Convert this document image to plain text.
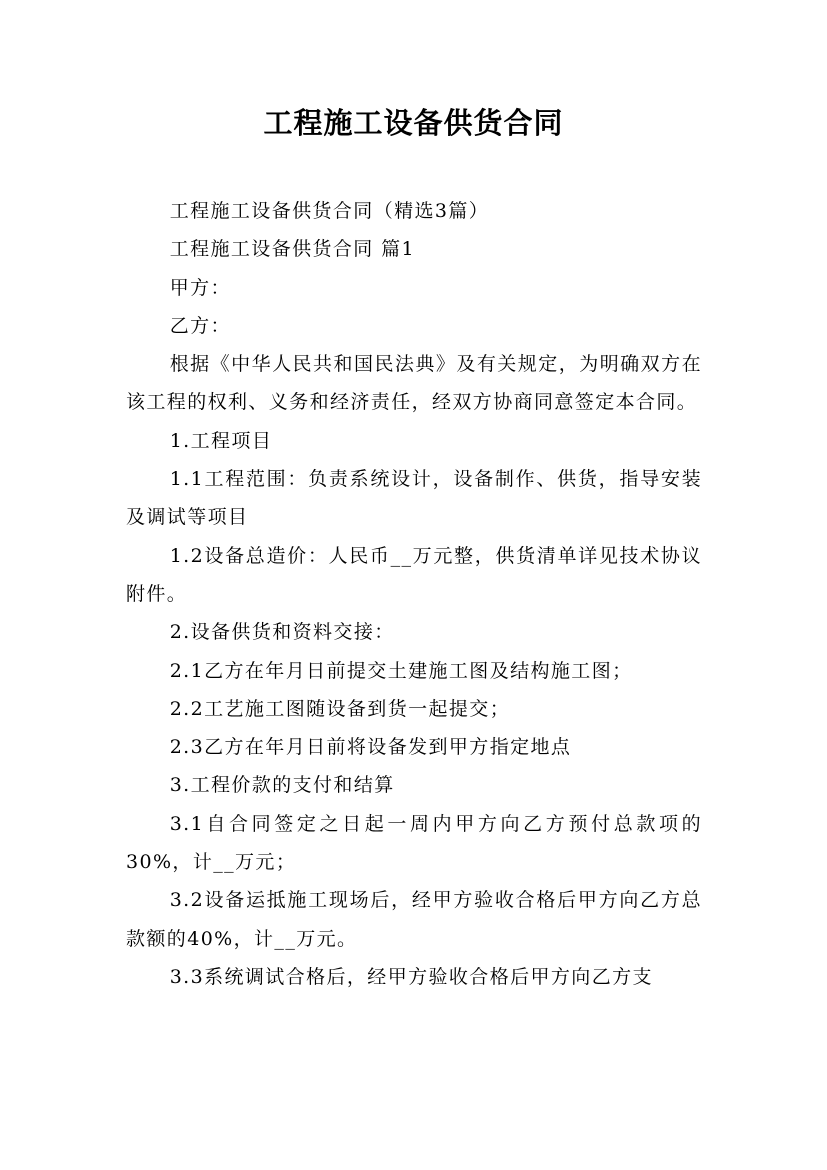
工程施工设备供货合同

工程施工设备供货合同（精选3篇）

工程施工设备供货合同 篇1

甲方：

乙方：

根据《中华人民共和国民法典》及有关规定，为明确双方在该工程的权利、义务和经济责任，经双方协商同意签定本合同。

1.工程项目

1.1工程范围：负责系统设计，设备制作、供货，指导安装及调试等项目

1.2设备总造价：人民币__万元整，供货清单详见技术协议附件。

2.设备供货和资料交接：

2.1乙方在年月日前提交土建施工图及结构施工图；

2.2工艺施工图随设备到货一起提交；

2.3乙方在年月日前将设备发到甲方指定地点

3.工程价款的支付和结算

3.1自合同签定之日起一周内甲方向乙方预付总款项的30%，计__万元；

3.2设备运抵施工现场后，经甲方验收合格后甲方向乙方总款额的40%，计__万元。

3.3系统调试合格后，经甲方验收合格后甲方向乙方支
